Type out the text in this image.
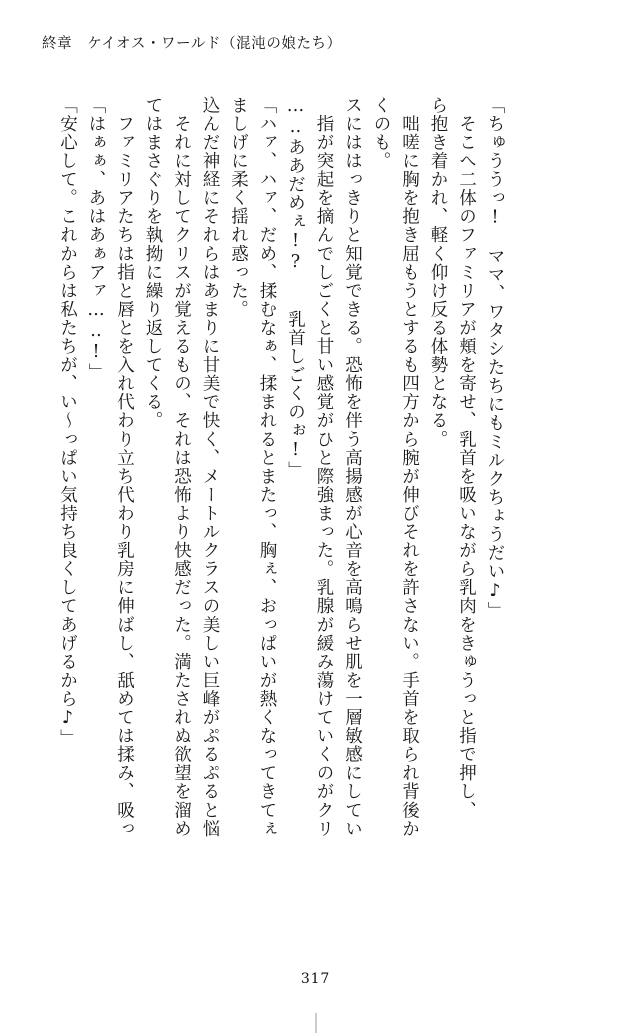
終章　ケイオス・ワールド（混沌の娘たち）
「安心して。これからは私たちが、い～っぱい気持ち良くしてあげるから♪」 「はぁぁ、あはあぁアァ…‥!」 　ファミリアたちは指と唇とを入れ代わり立ち代わり乳房に伸ばし、舐めては揉み、吸っ てはまさぐりを執拗に繰り返してくる。 　それに対してクリスが覚えるもの、それは恐怖より快感だった。満たされぬ欲望を溜め 込んだ神経にそれらはあまりに甘美で快く、メートルクラスの美しい巨峰がぷるぷると悩 ましげに柔く揺れ惑った。 「ハァ、ハァ、だめ、揉むなぁ、揉まれるとまたっ、胸ぇ、おっぱいが熱くなってきてぇ …‥ああだめぇ!?　　乳首しごくのぉ!」 　指が突起を摘んでしごくと甘い感覚がひと際強まった。乳腺が緩み蕩けていくのがクリ スにははっきりと知覚できる。恐怖を伴う高揚感が心音を高鳴らせ肌を一層敏感にしてい くのも。 　咄嗟に胸を抱き屈もうとするも四方から腕が伸びそれを許さない。手首を取られ背後か ら抱き着かれ、軽く仰け反る体勢となる。 　そこへ二体のファミリアが頬を寄せ、乳首を吸いながら乳肉をきゅうっと指で押し、 「ちゅううっ!　ママ、ワタシたちにもミルクちょうだい♪」
317
